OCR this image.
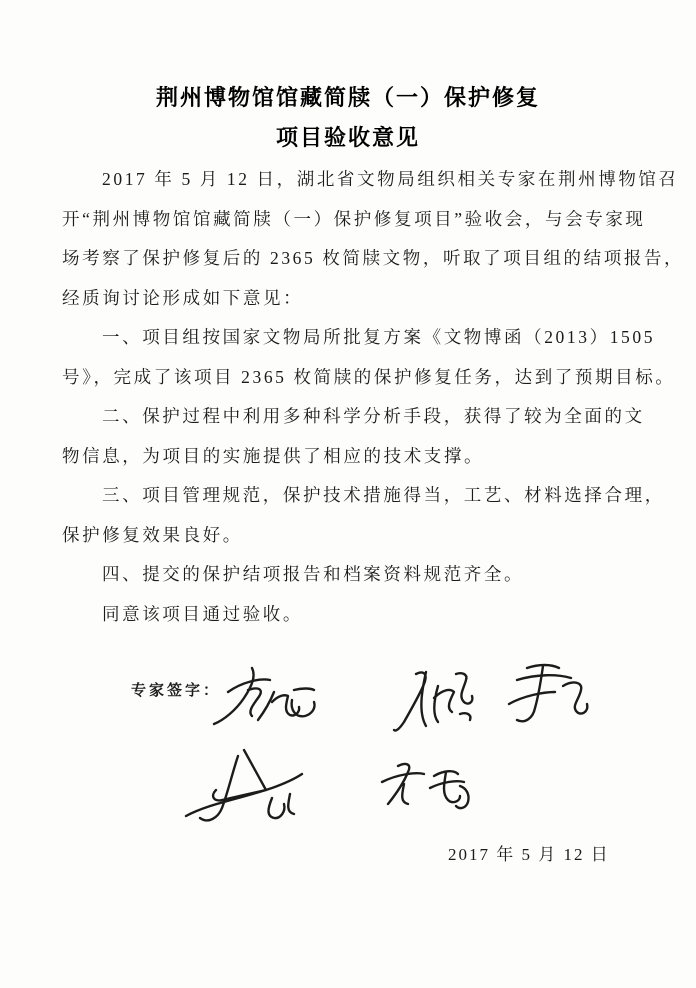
荆州博物馆馆藏简牍（一）保护修复
项目验收意见
2017 年 5 月 12 日，湖北省文物局组织相关专家在荆州博物馆召
开“荆州博物馆馆藏简牍（一）保护修复项目”验收会，与会专家现
场考察了保护修复后的 2365 枚简牍文物，听取了项目组的结项报告，
经质询讨论形成如下意见：
一、项目组按国家文物局所批复方案《文物博函（2013）1505
号》，完成了该项目 2365 枚简牍的保护修复任务，达到了预期目标。
二、保护过程中利用多种科学分析手段，获得了较为全面的文
物信息，为项目的实施提供了相应的技术支撑。
三、项目管理规范，保护技术措施得当，工艺、材料选择合理，
保护修复效果良好。
四、提交的保护结项报告和档案资料规范齐全。
同意该项目通过验收。
专家签字：
2017 年 5 月 12 日
